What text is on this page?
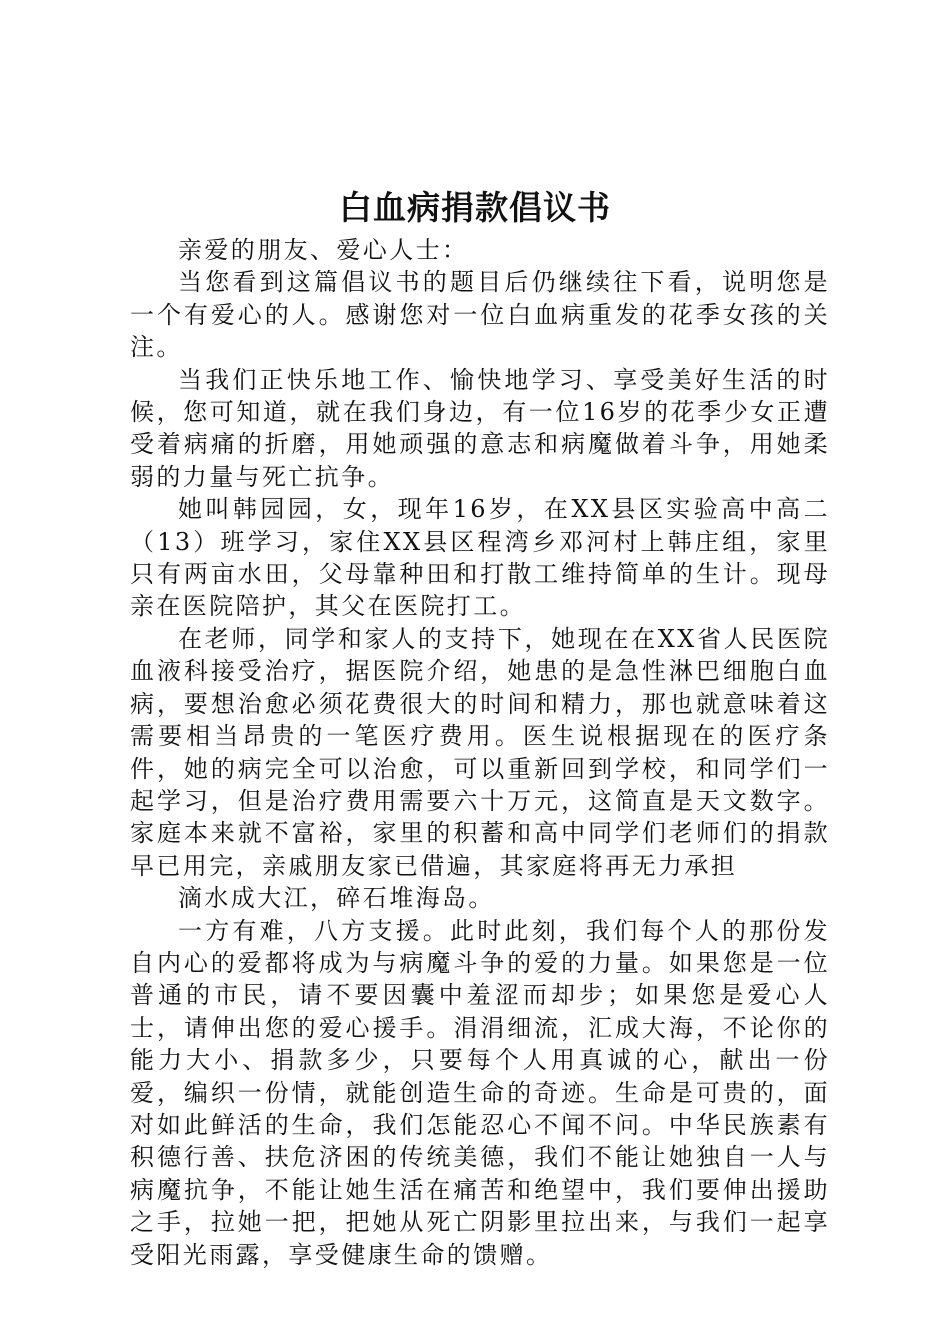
白血病捐款倡议书

亲爱的朋友、爱心人士：

当您看到这篇倡议书的题目后仍继续往下看，说明您是一个有爱心的人。感谢您对一位白血病重发的花季女孩的关注。

当我们正快乐地工作、愉快地学习、享受美好生活的时候，您可知道，就在我们身边，有一位16岁的花季少女正遭受着病痛的折磨，用她顽强的意志和病魔做着斗争，用她柔弱的力量与死亡抗争。

她叫韩园园，女，现年16岁，在XX县区实验高中高二（13）班学习，家住XX县区程湾乡邓河村上韩庄组，家里只有两亩水田，父母靠种田和打散工维持简单的生计。现母亲在医院陪护，其父在医院打工。

在老师，同学和家人的支持下，她现在在XX省人民医院血液科接受治疗，据医院介绍，她患的是急性淋巴细胞白血病，要想治愈必须花费很大的时间和精力，那也就意味着这需要相当昂贵的一笔医疗费用。医生说根据现在的医疗条件，她的病完全可以治愈，可以重新回到学校，和同学们一起学习，但是治疗费用需要六十万元，这简直是天文数字。家庭本来就不富裕，家里的积蓄和高中同学们老师们的捐款早已用完，亲戚朋友家已借遍，其家庭将再无力承担

滴水成大江，碎石堆海岛。

一方有难，八方支援。此时此刻，我们每个人的那份发自内心的爱都将成为与病魔斗争的爱的力量。如果您是一位普通的市民，请不要因囊中羞涩而却步；如果您是爱心人士，请伸出您的爱心援手。涓涓细流，汇成大海，不论你的能力大小、捐款多少，只要每个人用真诚的心，献出一份爱，编织一份情，就能创造生命的奇迹。生命是可贵的，面对如此鲜活的生命，我们怎能忍心不闻不问。中华民族素有积德行善、扶危济困的传统美德，我们不能让她独自一人与病魔抗争，不能让她生活在痛苦和绝望中，我们要伸出援助之手，拉她一把，把她从死亡阴影里拉出来，与我们一起享受阳光雨露，享受健康生命的馈赠。
